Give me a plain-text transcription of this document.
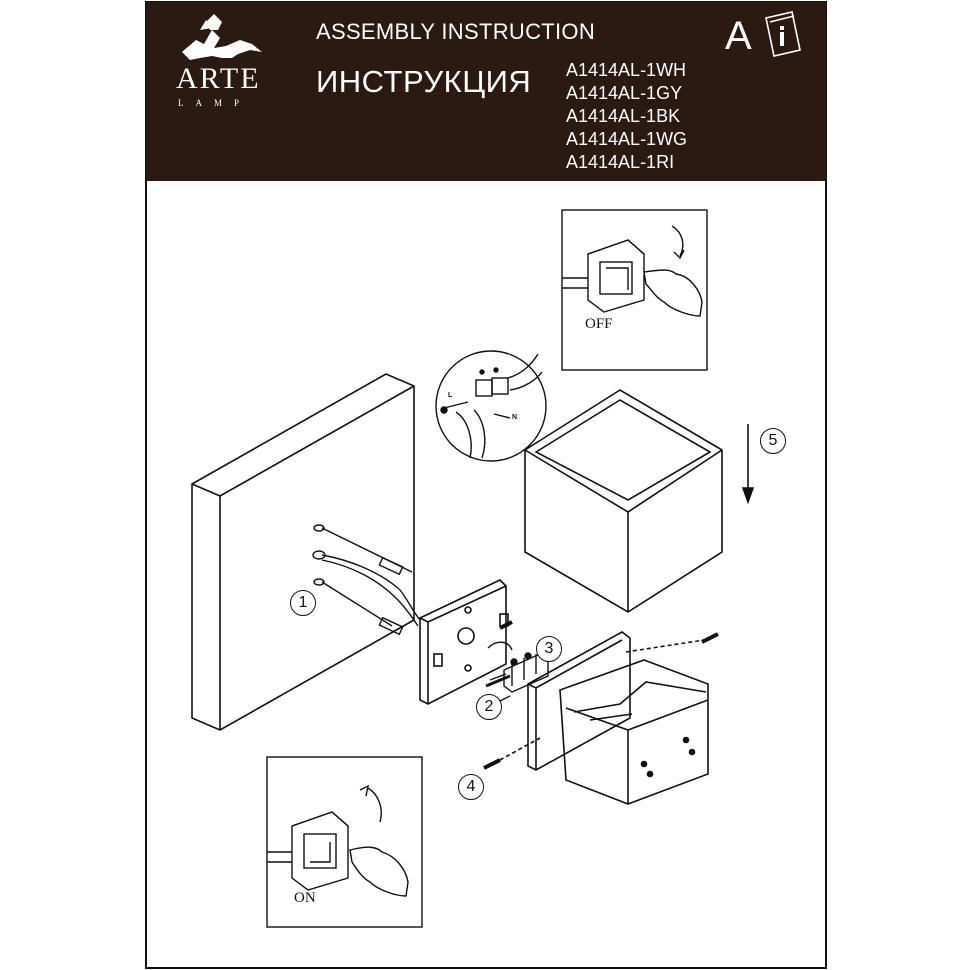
ARTE
LAMP
ASSEMBLY INSTRUCTION
ИНСТРУКЦИЯ
A
A1414AL-1WH
A1414AL-1GY
A1414AL-1BK
A1414AL-1WG
A1414AL-1RI
OFF
ON
L
N
1
2
3
4
5
